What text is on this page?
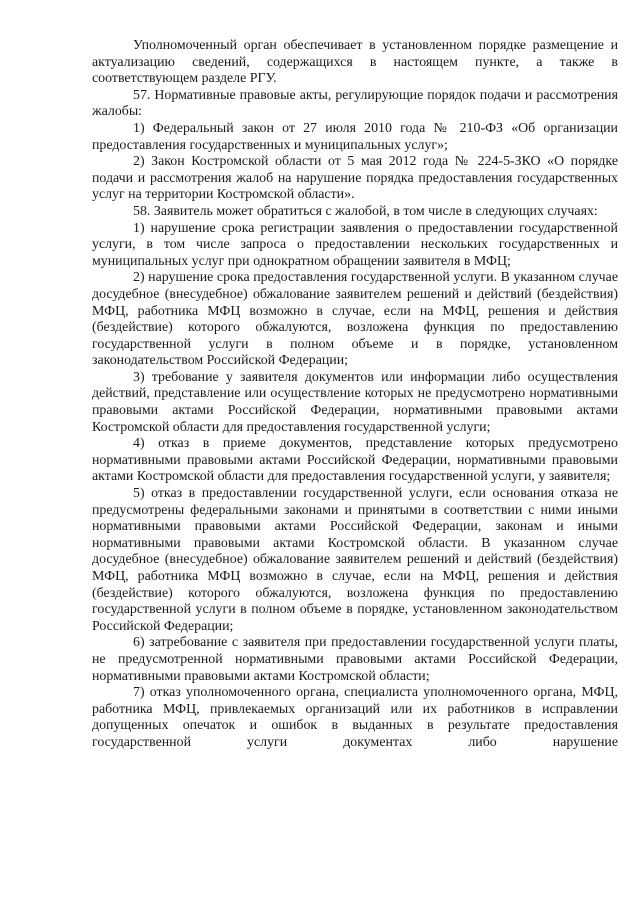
Уполномоченный орган обеспечивает в установленном порядке размещение и актуализацию сведений, содержащихся в настоящем пункте, а также в соответствующем разделе РГУ.

57. Нормативные правовые акты, регулирующие порядок подачи и рассмотрения жалобы:

1) Федеральный закон от 27 июля 2010 года № 210-ФЗ «Об организации предоставления государственных и муниципальных услуг»;

2) Закон Костромской области от 5 мая 2012 года № 224-5-ЗКО «О порядке подачи и рассмотрения жалоб на нарушение порядка предоставления государственных услуг на территории Костромской области».

58. Заявитель может обратиться с жалобой, в том числе в следующих случаях:

1) нарушение срока регистрации заявления о предоставлении государственной услуги, в том числе запроса о предоставлении нескольких государственных и муниципальных услуг при однократном обращении заявителя в МФЦ;

2) нарушение срока предоставления государственной услуги. В указанном случае досудебное (внесудебное) обжалование заявителем решений и действий (бездействия) МФЦ, работника МФЦ возможно в случае, если на МФЦ, решения и действия (бездействие) которого обжалуются, возложена функция по предоставлению государственной услуги в полном объеме и в порядке, установленном законодательством Российской Федерации;

3) требование у заявителя документов или информации либо осуществления действий, представление или осуществление которых не предусмотрено нормативными правовыми актами Российской Федерации, нормативными правовыми актами Костромской области для предоставления государственной услуги;

4) отказ в приеме документов, представление которых предусмотрено нормативными правовыми актами Российской Федерации, нормативными правовыми актами Костромской области для предоставления государственной услуги, у заявителя;

5) отказ в предоставлении государственной услуги, если основания отказа не предусмотрены федеральными законами и принятыми в соответствии с ними иными нормативными правовыми актами Российской Федерации, законам и иными нормативными правовыми актами Костромской области. В указанном случае досудебное (внесудебное) обжалование заявителем решений и действий (бездействия) МФЦ, работника МФЦ возможно в случае, если на МФЦ, решения и действия (бездействие) которого обжалуются, возложена функция по предоставлению государственной услуги в полном объеме в порядке, установленном законодательством Российской Федерации;

6) затребование с заявителя при предоставлении государственной услуги платы, не предусмотренной нормативными правовыми актами Российской Федерации, нормативными правовыми актами Костромской области;

7) отказ уполномоченного органа, специалиста уполномоченного органа, МФЦ, работника МФЦ, привлекаемых организаций или их работников в исправлении допущенных опечаток и ошибок в выданных в результате предоставления государственной услуги документах либо нарушение
